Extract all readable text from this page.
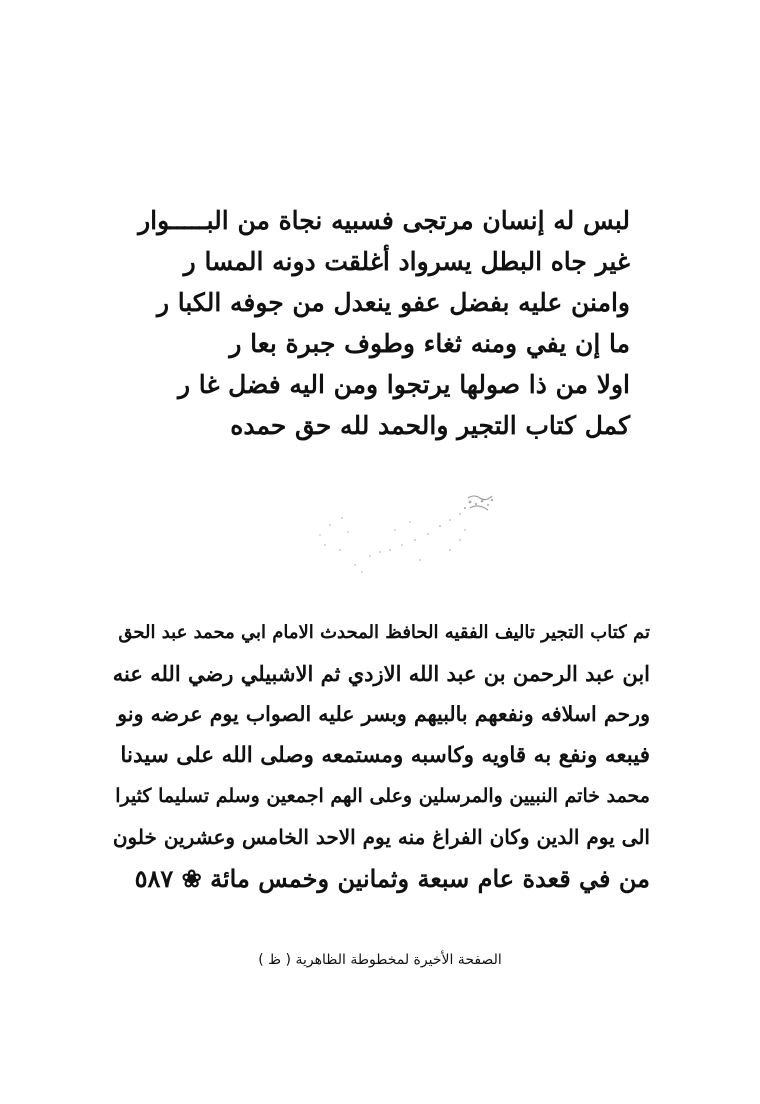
لبس له إنسان مرتجى فسبيه نجاة من البـــــوار
غير جاه البطل يسرواد أغلقت دونه المسا ر
وامنن عليه بفضل عفو ينعدل من جوفه الكبا ر
ما إن يفي ومنه ثغاء وطوف جبرة بعا ر
اولا من ذا صولها يرتجوا ومن اليه فضل غا ر
كمل كتاب التجير والحمد لله حق حمده
تم كتاب التجير تاليف الفقيه الحافظ المحدث الامام ابي محمد عبد الحق
ابن عبد الرحمن بن عبد الله الازدي ثم الاشبيلي رضي الله عنه
ورحم اسلافه ونفعهم بالبيهم وبسر عليه الصواب يوم عرضه ونو
فيبعه ونفع به قاويه وكاسبه ومستمعه وصلى الله على سيدنا
محمد خاتم النبيين والمرسلين وعلى الهم اجمعين وسلم تسليما كثيرا
الى يوم الدين وكان الفراغ منه يوم الاحد الخامس وعشرين خلون
من في قعدة عام سبعة وثمانين وخمس مائة ❀ ٥٨٧
الصفحة الأخيرة لمخطوطة الظاهرية ( ظ )
